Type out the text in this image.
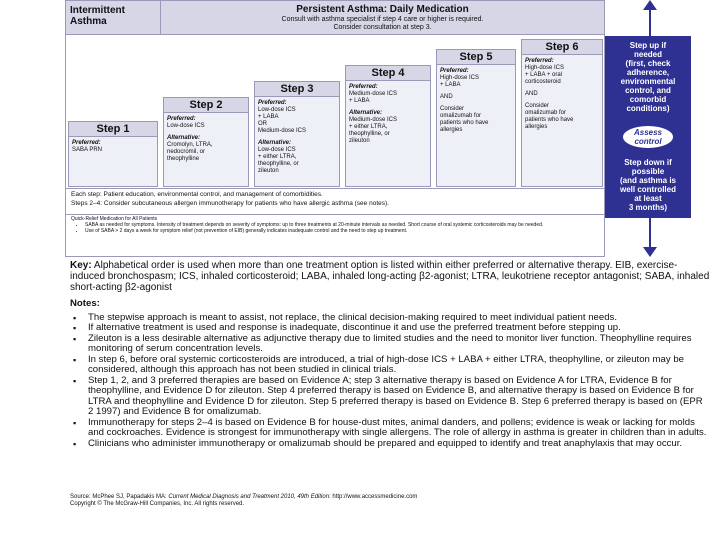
Intermittent Asthma
Persistent Asthma: Daily Medication
Consult with asthma specialist if step 4 care or higher is required.
Consider consultation at step 3.
Step 1
Preferred:
SABA PRN
Step 2
Preferred:
Low-dose ICS
Alternative:
Cromolyn, LTRA,
nedocromil, or
theophylline
Step 3
Preferred:
Low-dose ICS
+ LABA
OR
Medium-dose ICS
Alternative:
Low-dose ICS
+ either LTRA,
theophylline, or
zileuton
Step 4
Preferred:
Medium-dose ICS
+ LABA
Alternative:
Medium-dose ICS
+ either LTRA,
theophylline, or
zileuton
Step 5
Preferred:
High-dose ICS
+ LABA
AND
Consider
omalizumab for
patients who have
allergies
Step 6
Preferred:
High-dose ICS
+ LABA + oral
corticosteroid
AND
Consider
omalizumab for
patients who have
allergies
Each step: Patient education, environmental control, and management of comorbidities.
Steps 2–4: Consider subcutaneous allergen immunotherapy for patients who have allergic asthma (see notes).
Quick-Relief Medication for All Patients
• SABA as needed for symptoms. Intensity of treatment depends on severity of symptoms: up to three treatments at 20-minute intervals as needed. Short course of oral systemic corticosteroids may be needed.
• Use of SABA > 2 days a week for symptom relief (not prevention of EIB) generally indicates inadequate control and the need to step up treatment.
Step up if
needed
(first, check
adherence,
environmental
control, and
comorbid
conditions)
Assess
control
Step down if
possible
(and asthma is
well controlled
at least
3 months)
Key: Alphabetical order is used when more than one treatment option is listed within either preferred or alternative therapy. EIB, exercise-induced bronchospasm; ICS, inhaled corticosteroid; LABA, inhaled long-acting β2-agonist; LTRA, leukotriene receptor antagonist; SABA, inhaled short-acting β2-agonist
Notes:
▪ The stepwise approach is meant to assist, not replace, the clinical decision-making required to meet individual patient needs.
▪ If alternative treatment is used and response is inadequate, discontinue it and use the preferred treatment before stepping up.
▪ Zileuton is a less desirable alternative as adjunctive therapy due to limited studies and the need to monitor liver function. Theophylline requires monitoring of serum concentration levels.
▪ In step 6, before oral systemic corticosteroids are introduced, a trial of high-dose ICS + LABA + either LTRA, theophylline, or zileuton may be considered, although this approach has not been studied in clinical trials.
▪ Step 1, 2, and 3 preferred therapies are based on Evidence A; step 3 alternative therapy is based on Evidence A for LTRA, Evidence B for theophylline, and Evidence D for zileuton. Step 4 preferred therapy is based on Evidence B, and alternative therapy is based on Evidence B for LTRA and theophylline and Evidence D for zileuton. Step 5 preferred therapy is based on Evidence B. Step 6 preferred therapy is based on (EPR 2 1997) and Evidence B for omalizumab.
▪ Immunotherapy for steps 2–4 is based on Evidence B for house-dust mites, animal danders, and pollens; evidence is weak or lacking for molds and cockroaches. Evidence is strongest for immunotherapy with single allergens. The role of allergy in asthma is greater in children than in adults.
▪ Clinicians who administer immunotherapy or omalizumab should be prepared and equipped to identify and treat anaphylaxis that may occur.
Source: McPhee SJ, Papadakis MA: Current Medical Diagnosis and Treatment 2010, 49th Edition: http://www.accessmedicine.com
Copyright © The McGraw-Hill Companies, Inc. All rights reserved.
